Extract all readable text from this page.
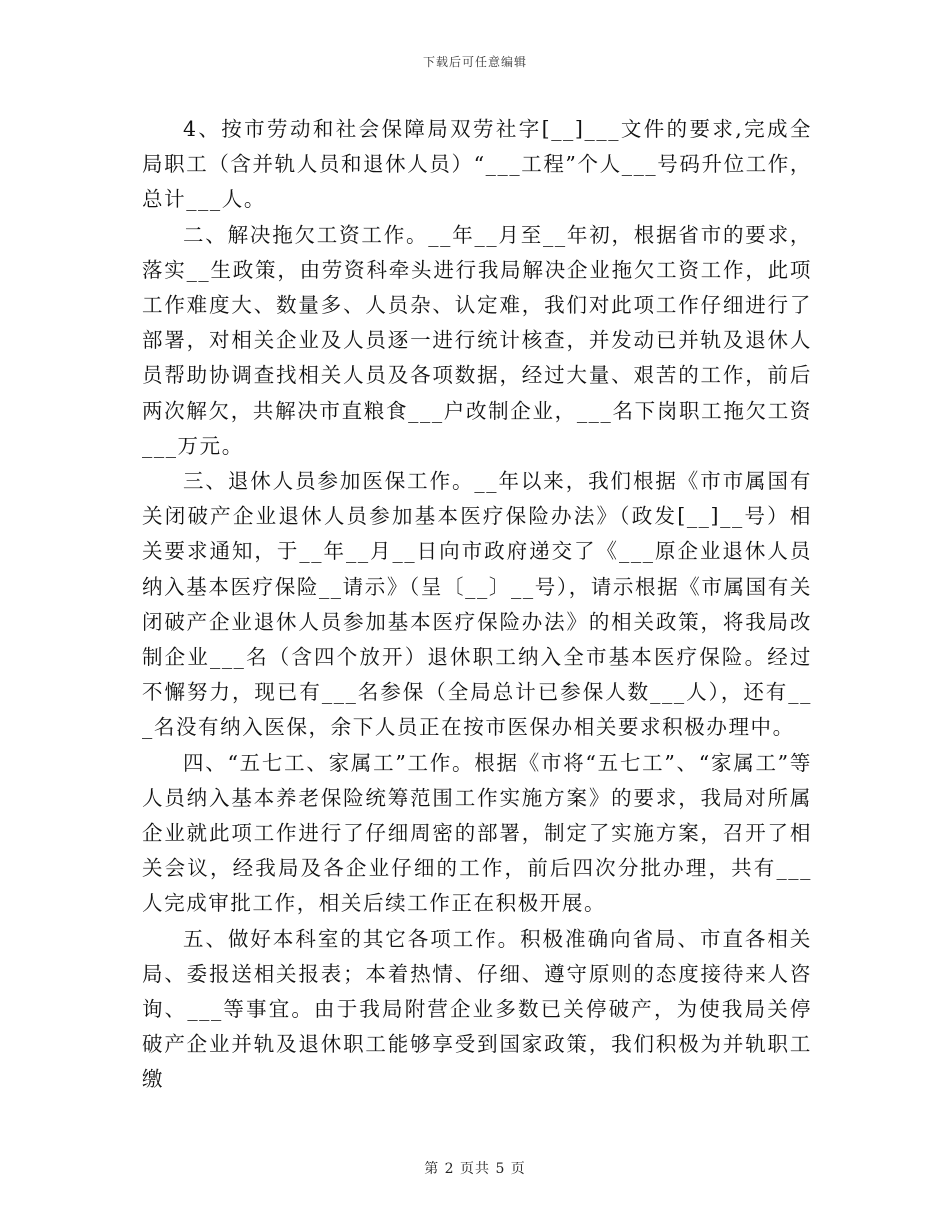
下载后可任意编辑

4、按市劳动和社会保障局双劳社字[__]___文件的要求,完成全局职工（含并轨人员和退休人员）“___工程”个人___号码升位工作，总计___人。

二、解决拖欠工资工作。__年__月至__年初，根据省市的要求，落实__生政策，由劳资科牵头进行我局解决企业拖欠工资工作，此项工作难度大、数量多、人员杂、认定难，我们对此项工作仔细进行了部署，对相关企业及人员逐一进行统计核查，并发动已并轨及退休人员帮助协调查找相关人员及各项数据，经过大量、艰苦的工作，前后两次解欠，共解决市直粮食___户改制企业，___名下岗职工拖欠工资___万元。

三、退休人员参加医保工作。__年以来，我们根据《市市属国有关闭破产企业退休人员参加基本医疗保险办法》（政发[__]__号）相关要求通知，于__年__月__日向市政府递交了《___原企业退休人员纳入基本医疗保险__请示》（呈〔__〕__号），请示根据《市属国有关闭破产企业退休人员参加基本医疗保险办法》的相关政策，将我局改制企业___名（含四个放开）退休职工纳入全市基本医疗保险。经过不懈努力，现已有___名参保（全局总计已参保人数___人），还有___名没有纳入医保，余下人员正在按市医保办相关要求积极办理中。

四、“五七工、家属工”工作。根据《市将“五七工”、“家属工”等人员纳入基本养老保险统筹范围工作实施方案》的要求，我局对所属企业就此项工作进行了仔细周密的部署，制定了实施方案，召开了相关会议，经我局及各企业仔细的工作，前后四次分批办理，共有___人完成审批工作，相关后续工作正在积极开展。

五、做好本科室的其它各项工作。积极准确向省局、市直各相关局、委报送相关报表；本着热情、仔细、遵守原则的态度接待来人咨询、___等事宜。由于我局附营企业多数已关停破产，为使我局关停破产企业并轨及退休职工能够享受到国家政策，我们积极为并轨职工缴

第 2 页共 5 页
